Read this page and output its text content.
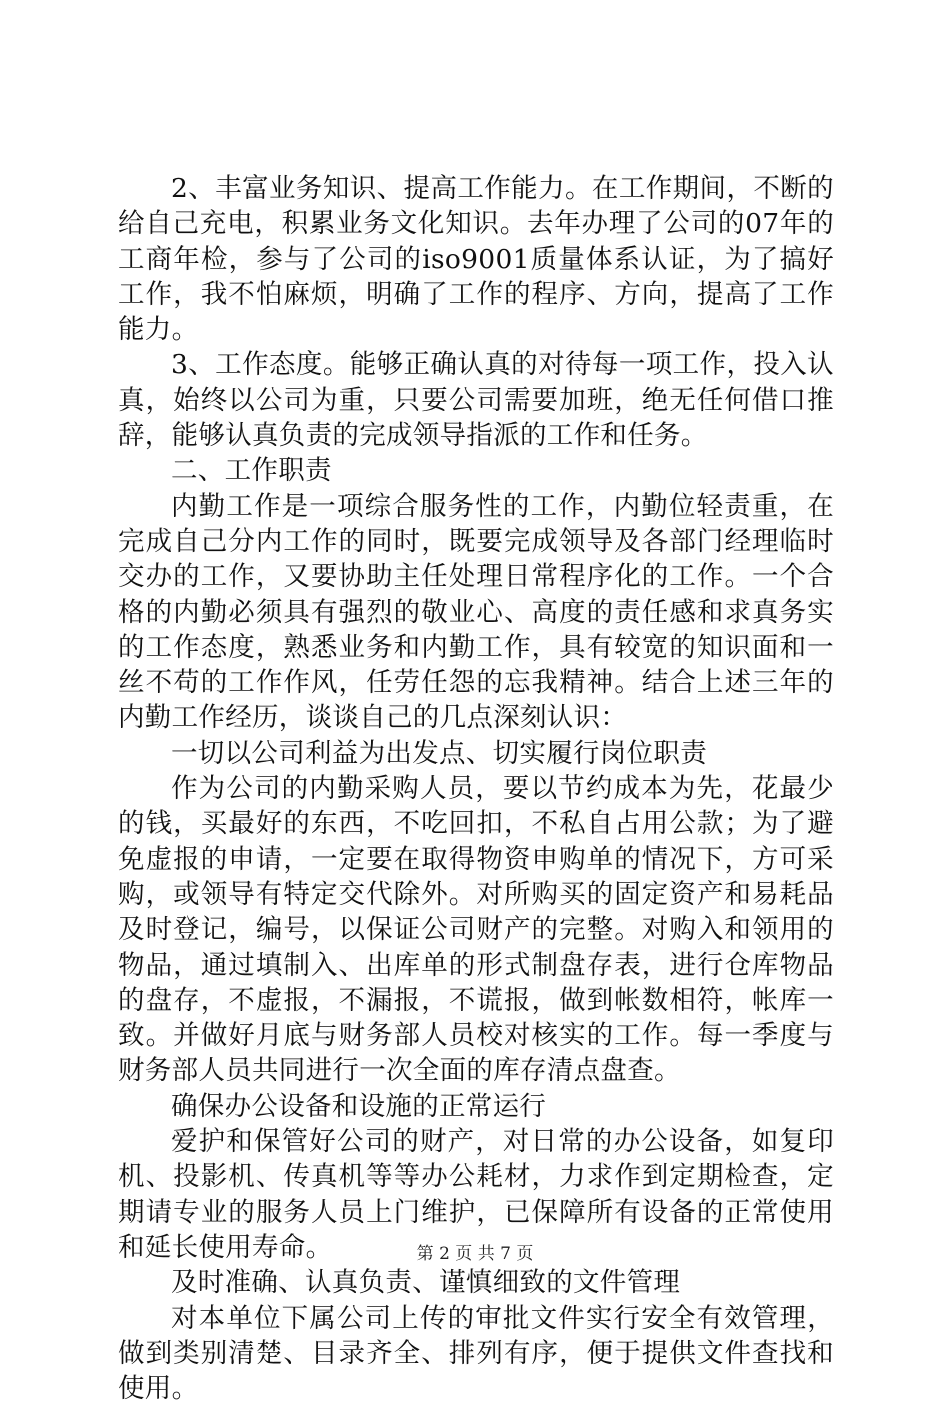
2、丰富业务知识、提高工作能力。在工作期间，不断的给自己充电，积累业务文化知识。去年办理了公司的07年的工商年检，参与了公司的iso9001质量体系认证，为了搞好工作，我不怕麻烦，明确了工作的程序、方向，提高了工作能力。

3、工作态度。能够正确认真的对待每一项工作，投入认真，始终以公司为重，只要公司需要加班，绝无任何借口推辞，能够认真负责的完成领导指派的工作和任务。

二、工作职责

内勤工作是一项综合服务性的工作，内勤位轻责重，在完成自己分内工作的同时，既要完成领导及各部门经理临时交办的工作，又要协助主任处理日常程序化的工作。一个合格的内勤必须具有强烈的敬业心、高度的责任感和求真务实的工作态度，熟悉业务和内勤工作，具有较宽的知识面和一丝不苟的工作作风，任劳任怨的忘我精神。结合上述三年的内勤工作经历，谈谈自己的几点深刻认识：

一切以公司利益为出发点、切实履行岗位职责

作为公司的内勤采购人员，要以节约成本为先，花最少的钱，买最好的东西，不吃回扣，不私自占用公款；为了避免虚报的申请，一定要在取得物资申购单的情况下，方可采购，或领导有特定交代除外。对所购买的固定资产和易耗品及时登记，编号，以保证公司财产的完整。对购入和领用的物品，通过填制入、出库单的形式制盘存表，进行仓库物品的盘存，不虚报，不漏报，不谎报，做到帐数相符，帐库一致。并做好月底与财务部人员校对核实的工作。每一季度与财务部人员共同进行一次全面的库存清点盘查。

确保办公设备和设施的正常运行

爱护和保管好公司的财产，对日常的办公设备，如复印机、投影机、传真机等等办公耗材，力求作到定期检查，定期请专业的服务人员上门维护，已保障所有设备的正常使用和延长使用寿命。

及时准确、认真负责、谨慎细致的文件管理

对本单位下属公司上传的审批文件实行安全有效管理，做到类别清楚、目录齐全、排列有序，便于提供文件查找和使用。

第 2 页 共 7 页
